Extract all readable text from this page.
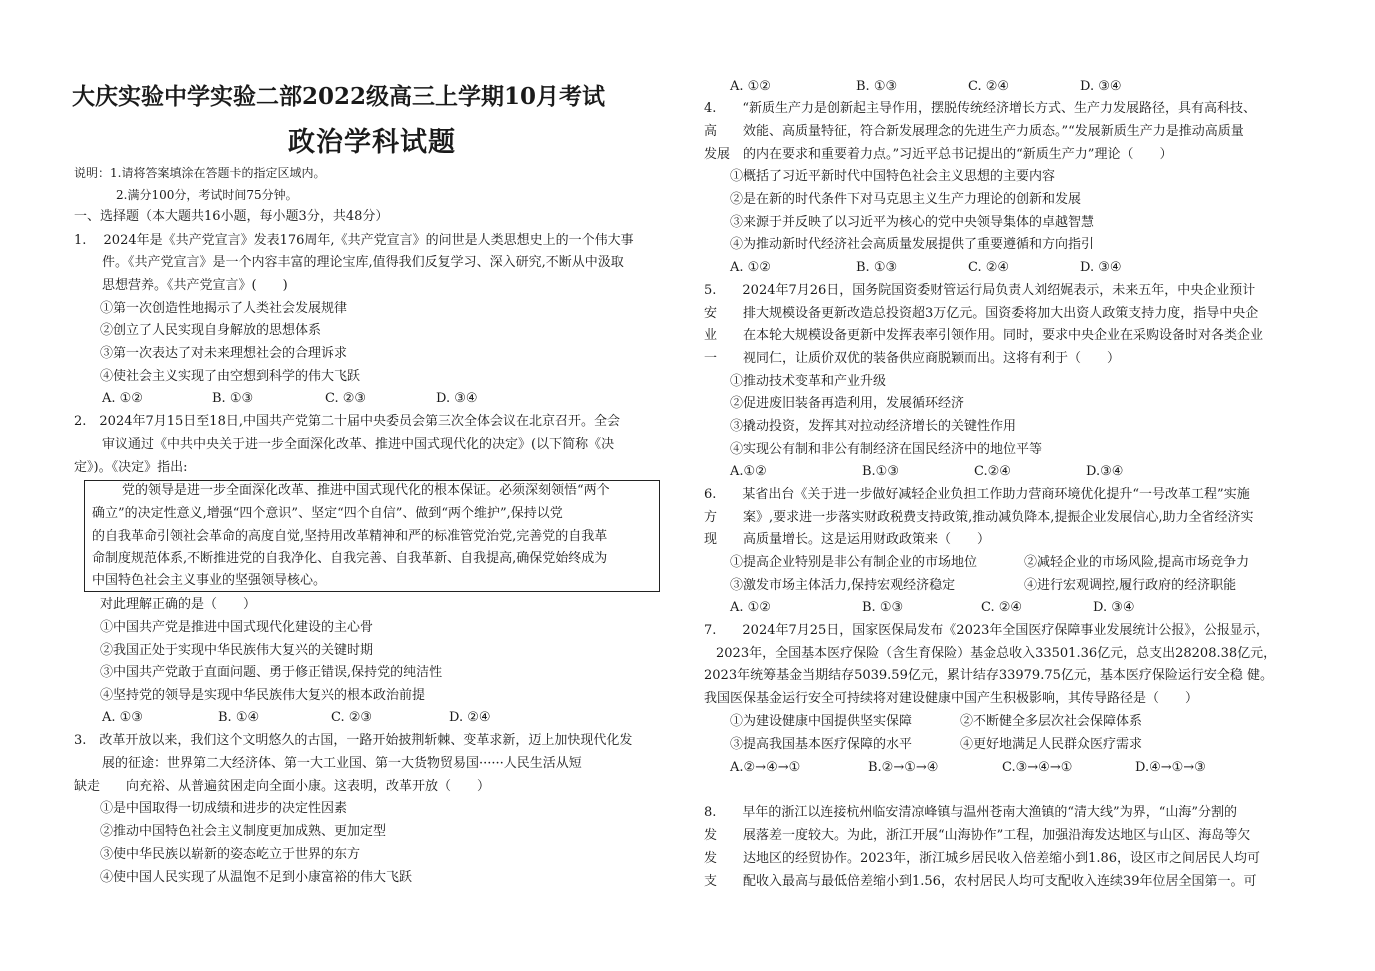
大庆实验中学实验二部2022级高三上学期10月考试
政治学科试题
说明：1.请将答案填涂在答题卡的指定区域内。
2.满分100分，考试时间75分钟。
一、选择题（本大题共16小题，每小题3分，共48分）
1.　 2024年是《共产党宣言》发表176周年,《共产党宣言》的问世是人类思想史上的一个伟大事
件。《共产党宣言》是一个内容丰富的理论宝库,值得我们反复学习、深入研究,不断从中汲取
思想营养。《共产党宣言》(　　)
①第一次创造性地揭示了人类社会发展规律
②创立了人民实现自身解放的思想体系
③第一次表达了对未来理想社会的合理诉求
④使社会主义实现了由空想到科学的伟大飞跃
A. ①②	B. ①③	C. ②③	D. ③④
2.　2024年7月15日至18日,中国共产党第二十届中央委员会第三次全体会议在北京召开。全会
审议通过《中共中央关于进一步全面深化改革、推进中国式现代化的决定》(以下简称《决
定》)。《决定》指出:
党的领导是进一步全面深化改革、推进中国式现代化的根本保证。必须深刻领悟“两个
确立”的决定性意义,增强“四个意识”、坚定“四个自信”、做到“两个维护”,保持以党
的自我革命引领社会革命的高度自觉,坚持用改革精神和严的标准管党治党,完善党的自我革
命制度规范体系,不断推进党的自我净化、自我完善、自我革新、自我提高,确保党始终成为
中国特色社会主义事业的坚强领导核心。
对此理解正确的是（　　）
①中国共产党是推进中国式现代化建设的主心骨
②我国正处于实现中华民族伟大复兴的关键时期
③中国共产党敢于直面问题、勇于修正错误,保持党的纯洁性
④坚持党的领导是实现中华民族伟大复兴的根本政治前提
A. ①③	B. ①④	C. ②③	D. ②④
3.　改革开放以来，我们这个文明悠久的古国，一路开始披荆斩棘、变革求新，迈上加快现代化发
展的征途：世界第二大经济体、第一大工业国、第一大货物贸易国······人民生活从短
缺走　　向充裕、从普遍贫困走向全面小康。这表明，改革开放（　　）
①是中国取得一切成绩和进步的决定性因素
②推动中国特色社会主义制度更加成熟、更加定型
③使中华民族以崭新的姿态屹立于世界的东方
④使中国人民实现了从温饱不足到小康富裕的伟大飞跃
A. ①②	B. ①③	C. ②④	D. ③④
4.　　“新质生产力是创新起主导作用，摆脱传统经济增长方式、生产力发展路径，具有高科技、
高　　效能、高质量特征，符合新发展理念的先进生产力质态。”“发展新质生产力是推动高质量
发展　的内在要求和重要着力点。”习近平总书记提出的“新质生产力”理论（　　）
①概括了习近平新时代中国特色社会主义思想的主要内容
②是在新的时代条件下对马克思主义生产力理论的创新和发展
③来源于并反映了以习近平为核心的党中央领导集体的卓越智慧
④为推动新时代经济社会高质量发展提供了重要遵循和方向指引
A. ①②	B. ①③	C. ②④	D. ③④
5.　　2024年7月26日，国务院国资委财管运行局负责人刘绍娓表示，未来五年，中央企业预计
安　　排大规模设备更新改造总投资超3万亿元。国资委将加大出资人政策支持力度，指导中央企
业　　在本轮大规模设备更新中发挥表率引领作用。同时，要求中央企业在采购设备时对各类企业
一　　视同仁，让质价双优的装备供应商脱颖而出。这将有利于（　　）
①推动技术变革和产业升级
②促进废旧装备再造利用，发展循环经济
③撬动投资，发挥其对拉动经济增长的关键性作用
④实现公有制和非公有制经济在国民经济中的地位平等
A.①②	B.①③	C.②④	D.③④
6.　　某省出台《关于进一步做好减轻企业负担工作助力营商环境优化提升“一号改革工程”实施
方　　案》,要求进一步落实财政税费支持政策,推动减负降本,提振企业发展信心,助力全省经济实
现　　高质量增长。这是运用财政政策来（　　）
①提高企业特别是非公有制企业的市场地位	②减轻企业的市场风险,提高市场竞争力
③激发市场主体活力,保持宏观经济稳定	④进行宏观调控,履行政府的经济职能
A. ①②	B. ①③	C. ②④	D. ③④
7.　　2024年7月25日，国家医保局发布《2023年全国医疗保障事业发展统计公报》，公报显示，
2023年，全国基本医疗保险（含生育保险）基金总收入33501.36亿元，总支出28208.38亿元，
2023年统筹基金当期结存5039.59亿元，累计结存33979.75亿元，基本医疗保险运行安全稳 健。
我国医保基金运行安全可持续将对建设健康中国产生积极影响，其传导路径是（　　）
①为建设健康中国提供坚实保障	②不断健全多层次社会保障体系
③提高我国基本医疗保障的水平	④更好地满足人民群众医疗需求
A.②→④→①	B.②→①→④	C.③→④→①	D.④→①→③
8.　　早年的浙江以连接杭州临安清凉峰镇与温州苍南大渔镇的“清大线”为界，“山海”分割的
发　　展落差一度较大。为此，浙江开展“山海协作”工程，加强沿海发达地区与山区、海岛等欠
发　　达地区的经贸协作。2023年，浙江城乡居民收入倍差缩小到1.86，设区市之间居民人均可
支　　配收入最高与最低倍差缩小到1.56，农村居民人均可支配收入连续39年位居全国第一。可
